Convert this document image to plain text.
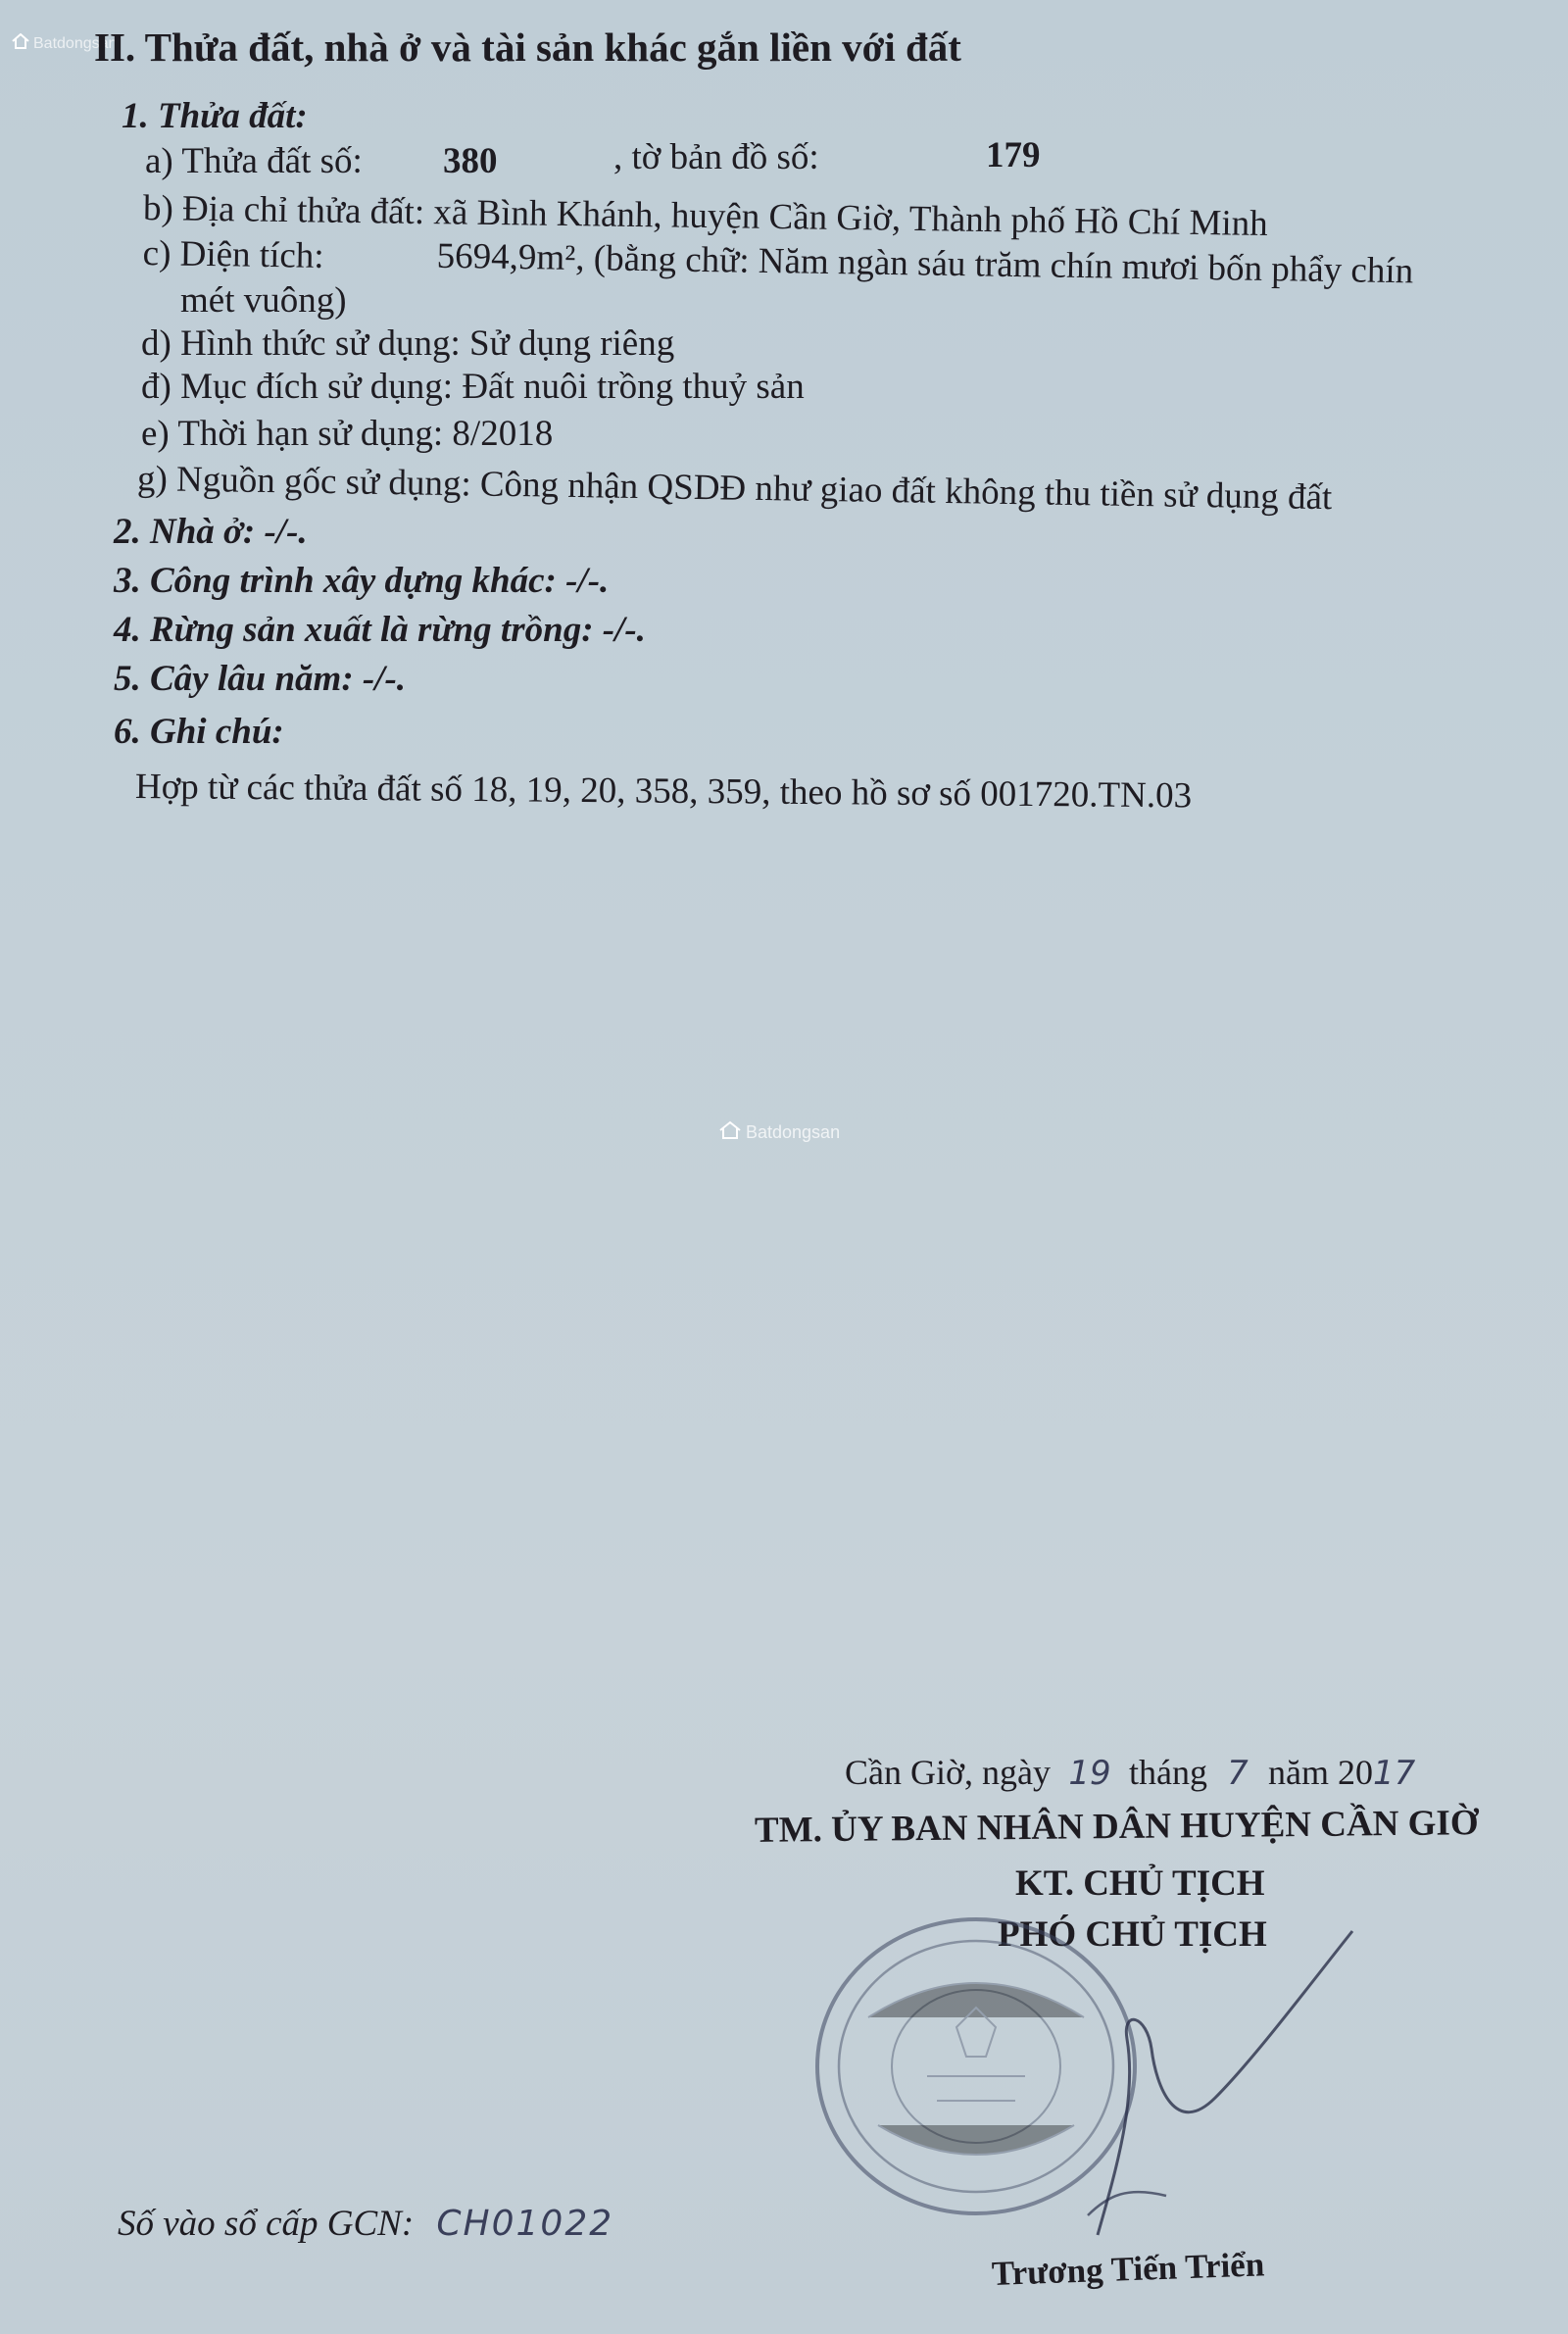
Batdongsan
II. Thửa đất, nhà ở và tài sản khác gắn liền với đất
1. Thửa đất:
a) Thửa đất số: 380	, tờ bản đồ số:	179
b) Địa chỉ thửa đất: xã Bình Khánh, huyện Cần Giờ, Thành phố Hồ Chí Minh
c) Diện tích:	5694,9m², (bằng chữ: Năm ngàn sáu trăm chín mươi bốn phẩy chín
mét vuông)
d) Hình thức sử dụng: Sử dụng riêng
đ) Mục đích sử dụng: Đất nuôi trồng thuỷ sản
e) Thời hạn sử dụng: 8/2018
g) Nguồn gốc sử dụng: Công nhận QSDĐ như giao đất không thu tiền sử dụng đất
2. Nhà ở: -/-.
3. Công trình xây dựng khác: -/-.
4. Rừng sản xuất là rừng trồng: -/-.
5. Cây lâu năm: -/-.
6. Ghi chú:
Hợp từ các thửa đất số 18, 19, 20, 358, 359, theo hồ sơ số 001720.TN.03
Batdongsan
Cần Giờ, ngày 19 tháng 7 năm 2017
TM. ỦY BAN NHÂN DÂN HUYỆN CẦN GIỜ
KT. CHỦ TỊCH
PHÓ CHỦ TỊCH
Trương Tiến Triển
Số vào sổ cấp GCN: CH01022
